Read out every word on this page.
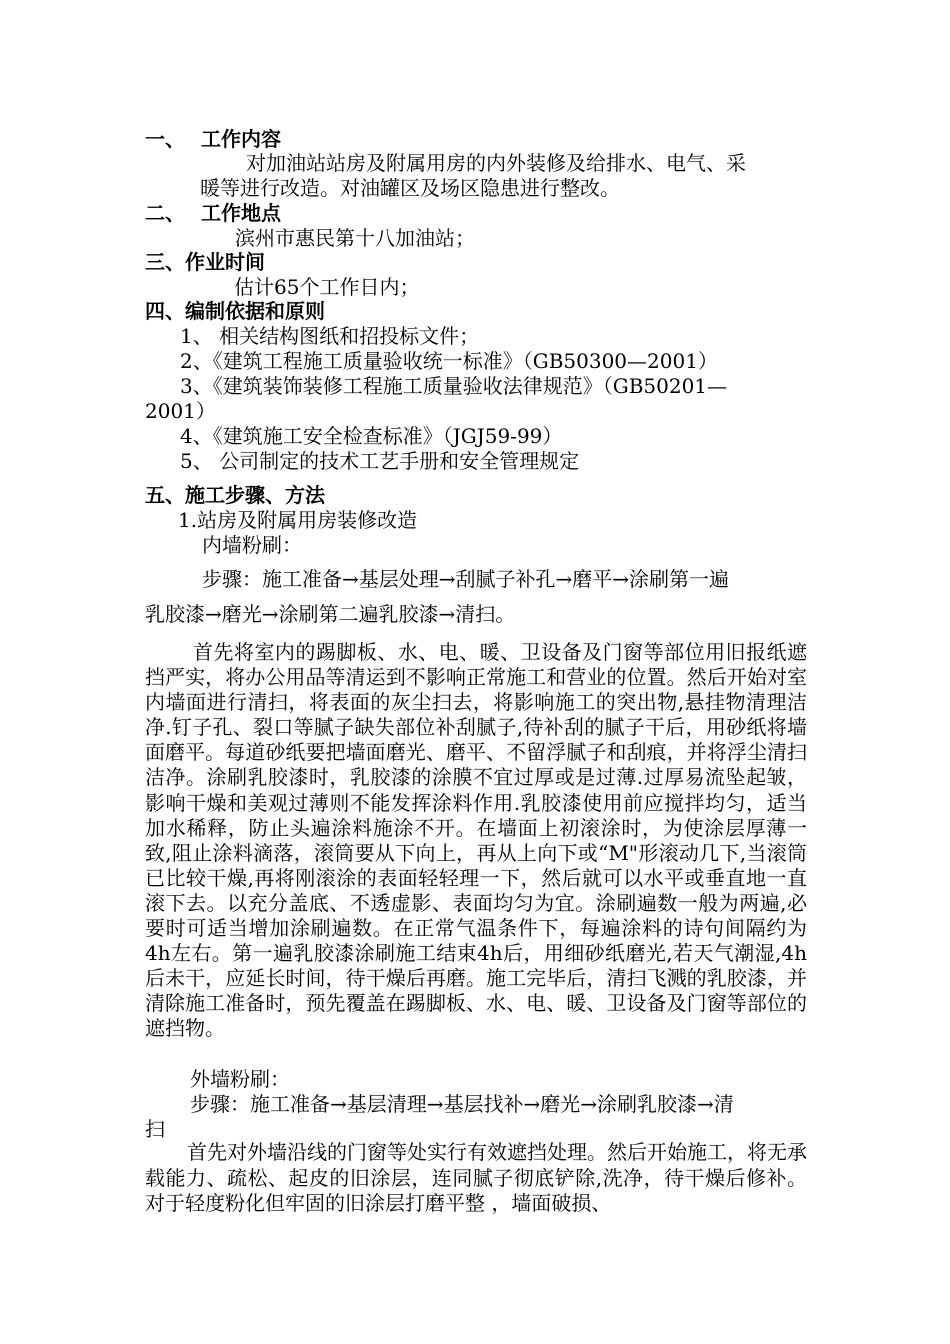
一、 工作内容
对加油站站房及附属用房的内外装修及给排水、电气、采
暖等进行改造。对油罐区及场区隐患进行整改。
二、 工作地点
滨州市惠民第十八加油站；
三、作业时间
估计65个工作日内；
四、编制依据和原则
1、 相关结构图纸和招投标文件；
2、《建筑工程施工质量验收统一标准》（GB50300—2001）
3、《建筑装饰装修工程施工质量验收法律规范》（GB50201—
2001）
4、《建筑施工安全检查标准》（JGJ59-99）
5、 公司制定的技术工艺手册和安全管理规定
五、施工步骤、方法
1.站房及附属用房装修改造
内墙粉刷：
步骤：施工准备→基层处理→刮腻子补孔→磨平→涂刷第一遍
乳胶漆→磨光→涂刷第二遍乳胶漆→清扫。
首先将室内的踢脚板、水、电、暖、卫设备及门窗等部位用旧报纸遮挡严实，将办公用品等清运到不影响正常施工和营业的位置。然后开始对室内墙面进行清扫，将表面的灰尘扫去，将影响施工的突出物,悬挂物清理洁净.钉子孔、裂口等腻子缺失部位补刮腻子,待补刮的腻子干后，用砂纸将墙面磨平。每道砂纸要把墙面磨光、磨平、不留浮腻子和刮痕，并将浮尘清扫洁净。涂刷乳胶漆时，乳胶漆的涂膜不宜过厚或是过薄.过厚易流坠起皱，影响干燥和美观过薄则不能发挥涂料作用.乳胶漆使用前应搅拌均匀，适当加水稀释，防止头遍涂料施涂不开。在墙面上初滚涂时，为使涂层厚薄一致,阻止涂料滴落，滚筒要从下向上，再从上向下或“M"形滚动几下,当滚筒已比较干燥,再将刚滚涂的表面轻轻理一下，然后就可以水平或垂直地一直滚下去。以充分盖底、不透虚影、表面均匀为宜。涂刷遍数一般为两遍,必要时可适当增加涂刷遍数。在正常气温条件下，每遍涂料的诗句间隔约为4h左右。第一遍乳胶漆涂刷施工结束4h后，用细砂纸磨光,若天气潮湿,4h后未干，应延长时间，待干燥后再磨。施工完毕后，清扫飞溅的乳胶漆，并清除施工准备时，预先覆盖在踢脚板、水、电、暖、卫设备及门窗等部位的遮挡物。
外墙粉刷：
步骤：施工准备→基层清理→基层找补→磨光→涂刷乳胶漆→清
扫
首先对外墙沿线的门窗等处实行有效遮挡处理。然后开始施工，将无承载能力、疏松、起皮的旧涂层，连同腻子彻底铲除,洗净，待干燥后修补。对于轻度粉化但牢固的旧涂层打磨平整 ，墙面破损、
